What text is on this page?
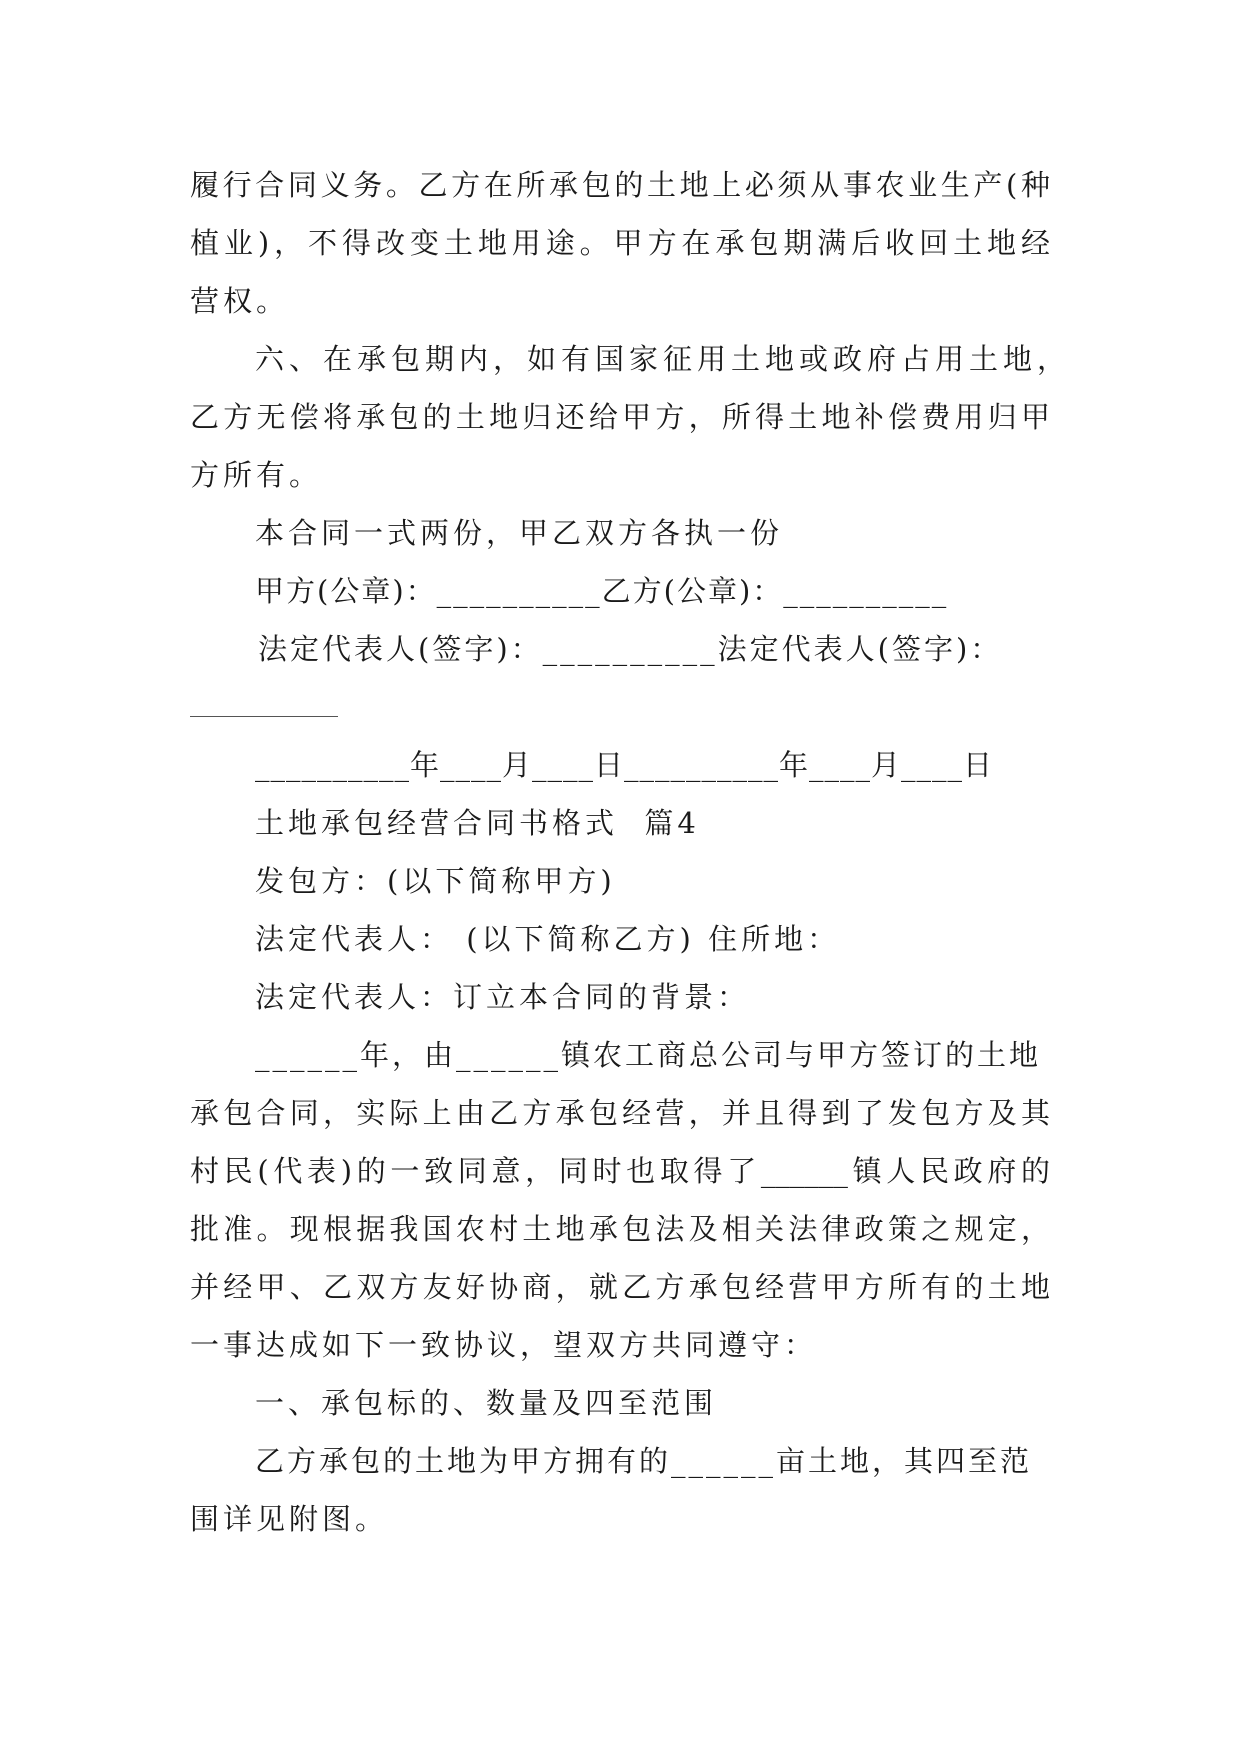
履行合同义务。乙方在所承包的土地上必须从事农业生产(种
植业)，不得改变土地用途。甲方在承包期满后收回土地经
营权。
六、在承包期内，如有国家征用土地或政府占用土地，
乙方无偿将承包的土地归还给甲方，所得土地补偿费用归甲
方所有。
本合同一式两份，甲乙双方各执一份
甲方(公章)：__________乙方(公章)：__________
法定代表人(签字)：__________法定代表人(签字)：
__________年____月____日__________年____月____日
土地承包经营合同书格式  篇4
发包方：(以下简称甲方)
法定代表人： (以下简称乙方) 住所地：
法定代表人：订立本合同的背景：
______年，由______镇农工商总公司与甲方签订的土地
承包合同，实际上由乙方承包经营，并且得到了发包方及其
村民(代表)的一致同意，同时也取得了______镇人民政府的
批准。现根据我国农村土地承包法及相关法律政策之规定，
并经甲、乙双方友好协商，就乙方承包经营甲方所有的土地
一事达成如下一致协议，望双方共同遵守：
一、承包标的、数量及四至范围
乙方承包的土地为甲方拥有的______亩土地，其四至范
围详见附图。
